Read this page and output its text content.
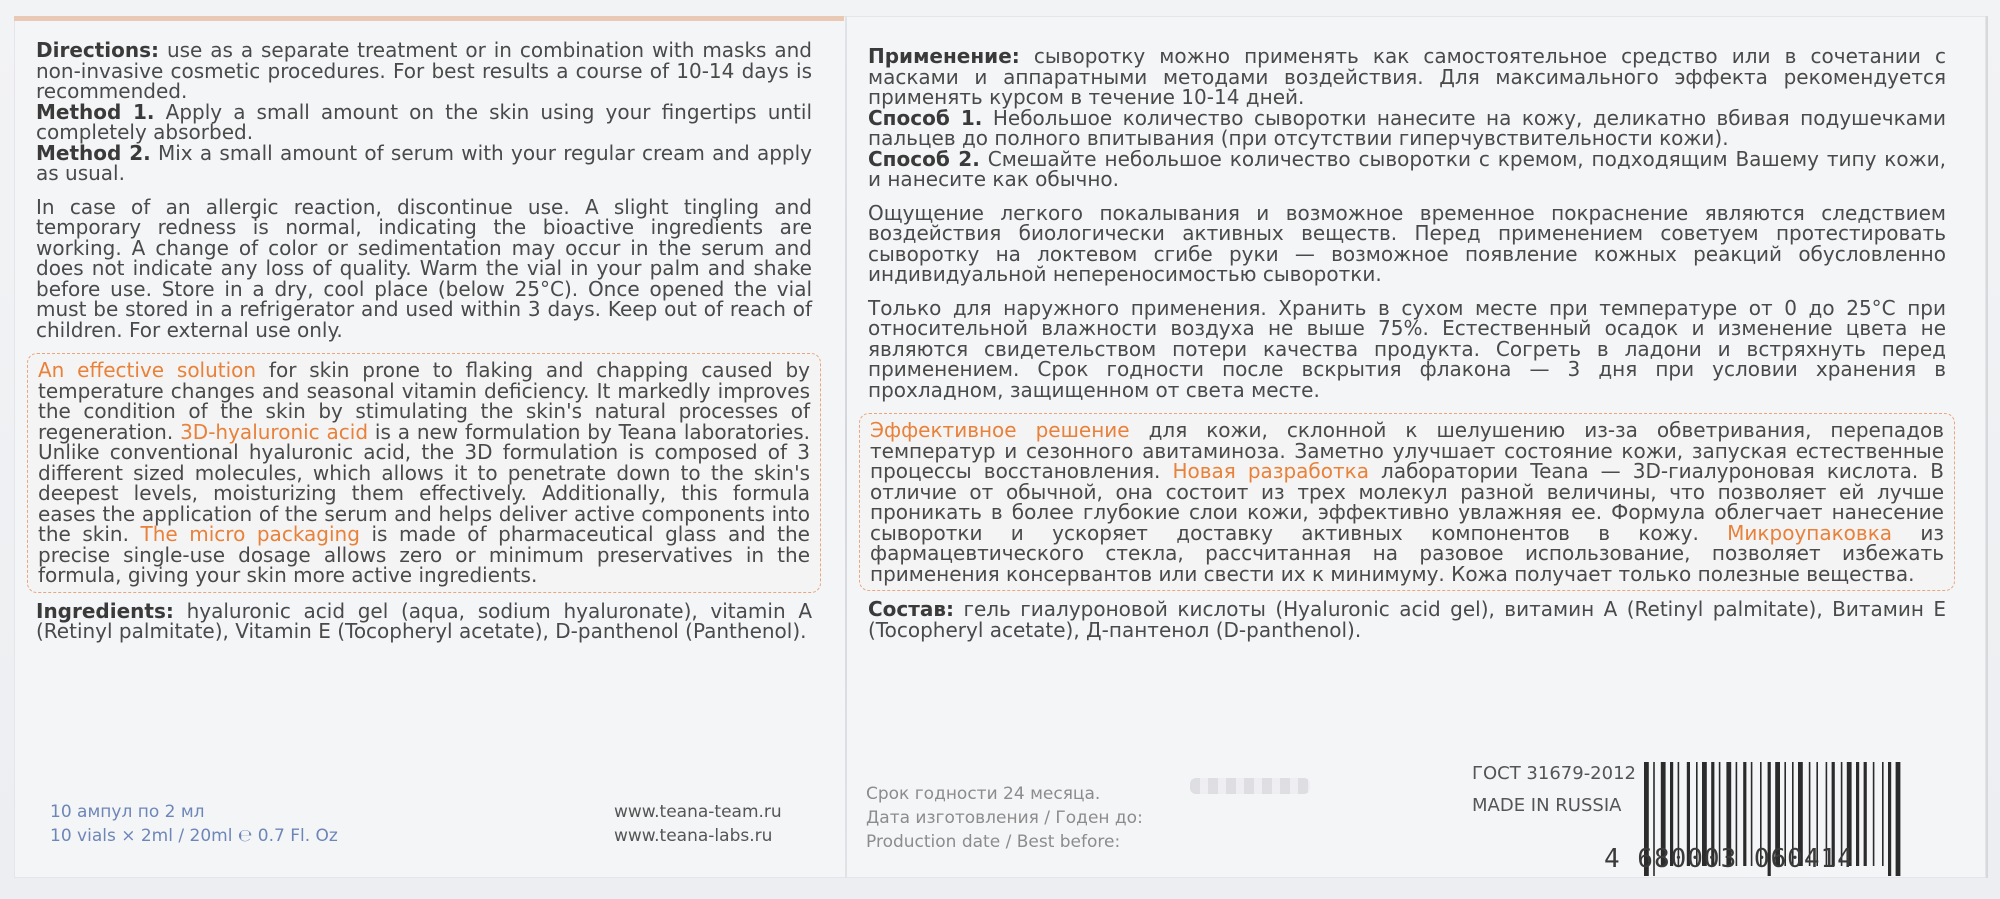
Directions: use as a separate treatment or in combination with masks and non-invasive cosmetic procedures. For best results a course of 10-14 days is recommended.

Method 1. Apply a small amount on the skin using your fingertips until completely absorbed.

Method 2. Mix a small amount of serum with your regular cream and apply as usual.

In case of an allergic reaction, discontinue use. A slight tingling and temporary redness is normal, indicating the bioactive ingredients are working. A change of color or sedimentation may occur in the serum and does not indicate any loss of quality. Warm the vial in your palm and shake before use. Store in a dry, cool place (below 25°C). Once opened the vial must be stored in a refrigerator and used within 3 days. Keep out of reach of children. For external use only.

An effective solution for skin prone to flaking and chapping caused by temperature changes and seasonal vitamin deficiency. It markedly improves the condition of the skin by stimulating the skin's natural processes of regeneration. 3D-hyaluronic acid is a new formulation by Teana laboratories. Unlike conventional hyaluronic acid, the 3D formulation is composed of 3 different sized molecules, which allows it to penetrate down to the skin's deepest levels, moisturizing them effectively. Additionally, this formula eases the application of the serum and helps deliver active components into the skin. The micro packaging is made of pharmaceutical glass and the precise single-use dosage allows zero or minimum preservatives in the formula, giving your skin more active ingredients.

Ingredients: hyaluronic acid gel (aqua, sodium hyaluronate), vitamin A (Retinyl palmitate), Vitamin E (Tocopheryl acetate), D-panthenol (Panthenol).

Применение: сыворотку можно применять как самостоятельное средство или в сочетании с масками и аппаратными методами воздействия. Для максимального эффекта рекомендуется применять курсом в течение 10-14 дней.

Способ 1. Небольшое количество сыворотки нанесите на кожу, деликатно вбивая подушечками пальцев до полного впитывания (при отсутствии гиперчувствительности кожи).

Способ 2. Смешайте небольшое количество сыворотки с кремом, подходящим Вашему типу кожи, и нанесите как обычно.

Ощущение легкого покалывания и возможное временное покраснение являются следствием воздействия биологически активных веществ. Перед применением советуем протестировать сыворотку на локтевом сгибе руки — возможное появление кожных реакций обусловленно индивидуальной непереносимостью сыворотки.

Только для наружного применения. Хранить в сухом месте при температуре от 0 до 25°C при относительной влажности воздуха не выше 75%. Естественный осадок и изменение цвета не являются свидетельством потери качества продукта. Согреть в ладони и встряхнуть перед применением. Срок годности после вскрытия флакона — 3 дня при условии хранения в прохладном, защищенном от света месте.

Эффективное решение для кожи, склонной к шелушению из-за обветривания, перепадов температур и сезонного авитаминоза. Заметно улучшает состояние кожи, запуская естественные процессы восстановления. Новая разработка лаборатории Teana — 3D-гиалуроновая кислота. В отличие от обычной, она состоит из трех молекул разной величины, что позволяет ей лучше проникать в более глубокие слои кожи, эффективно увлажняя ее. Формула облегчает нанесение сыворотки и ускоряет доставку активных компонентов в кожу. Микроупаковка из фармацевтического стекла, рассчитанная на разовое использование, позволяет избежать применения консервантов или свести их к минимуму. Кожа получает только полезные вещества.

Состав: гель гиалуроновой кислоты (Hyaluronic acid gel), витамин A (Retinyl palmitate), Витамин E (Tocopheryl acetate), Д-пантенол (D-panthenol).

10 ампул по 2 мл
10 vials × 2ml / 20ml ℮ 0.7 Fl. Oz
www.teana-team.ru
www.teana-labs.ru
Срок годности 24 месяца.
Дата изготовления / Годен до:
Production date / Best before:
ГОСТ 31679-2012
MADE IN RUSSIA
4 680003 060414
